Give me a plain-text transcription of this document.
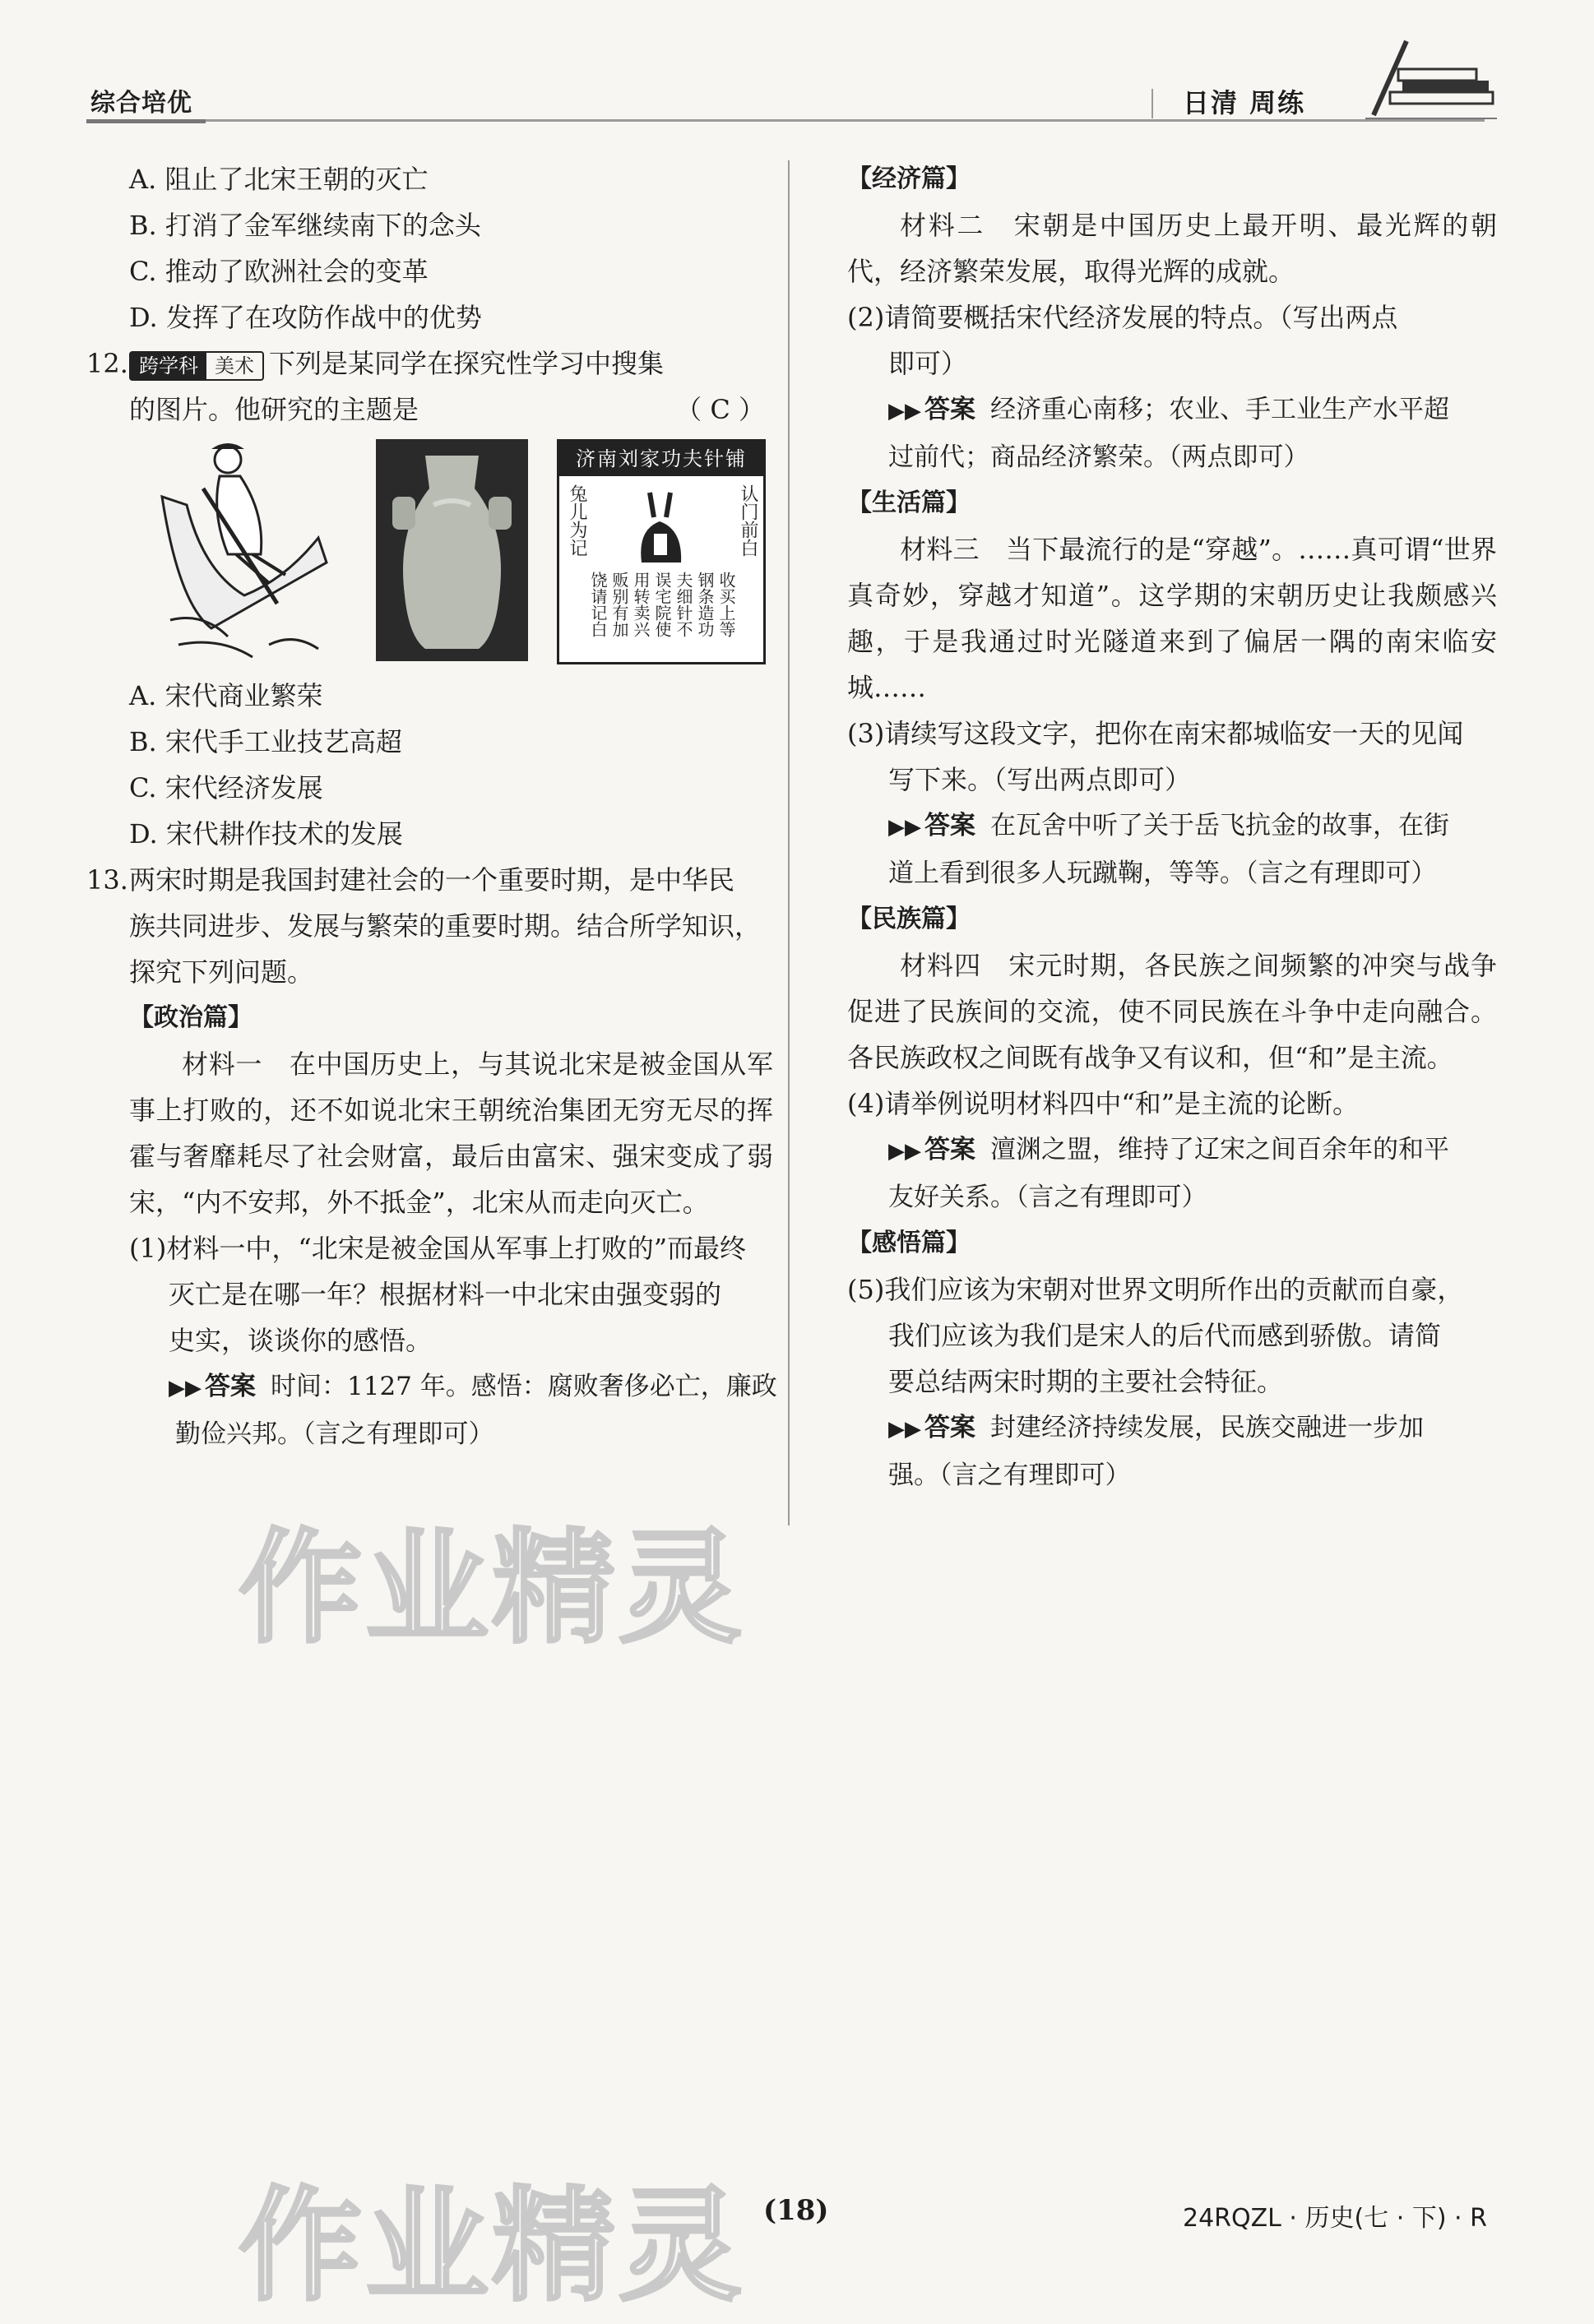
综合培优	日清 周练
A. 阻止了北宋王朝的灭亡
B. 打消了金军继续南下的念头
C. 推动了欧洲社会的变革
D. 发挥了在攻防作战中的优势
12. 跨学科 美术 下列是某同学在探究性学习中搜集
的图片。他研究的主题是	（ C ）
济南刘家功夫针铺
兔儿为记	认门前白
收买上等
钢条造功
夫细针不
误宅院使
用转卖兴
贩别有加
饶请记白
A. 宋代商业繁荣
B. 宋代手工业技艺高超
C. 宋代经济发展
D. 宋代耕作技术的发展
13.两宋时期是我国封建社会的一个重要时期，是中华民
族共同进步、发展与繁荣的重要时期。结合所学知识，
探究下列问题。
【政治篇】
材料一　在中国历史上，与其说北宋是被金国从军事上打败的，还不如说北宋王朝统治集团无穷无尽的挥霍与奢靡耗尽了社会财富，最后由富宋、强宋变成了弱宋，“内不安邦，外不抵金”，北宋从而走向灭亡。
(1)材料一中，“北宋是被金国从军事上打败的”而最终
灭亡是在哪一年？根据材料一中北宋由强变弱的
史实，谈谈你的感悟。
▶▶ 答案 时间：1127 年。感悟：腐败奢侈必亡，廉政
勤俭兴邦。（言之有理即可）
【经济篇】
材料二　宋朝是中国历史上最开明、最光辉的朝代，经济繁荣发展，取得光辉的成就。
(2)请简要概括宋代经济发展的特点。（写出两点
即可）
▶▶ 答案 经济重心南移；农业、手工业生产水平超
过前代；商品经济繁荣。（两点即可）
【生活篇】
材料三　当下最流行的是“穿越”。……真可谓“世界真奇妙，穿越才知道”。这学期的宋朝历史让我颇感兴趣，于是我通过时光隧道来到了偏居一隅的南宋临安城……
(3)请续写这段文字，把你在南宋都城临安一天的见闻
写下来。（写出两点即可）
▶▶ 答案 在瓦舍中听了关于岳飞抗金的故事，在街
道上看到很多人玩蹴鞠，等等。（言之有理即可）
【民族篇】
材料四　宋元时期，各民族之间频繁的冲突与战争促进了民族间的交流，使不同民族在斗争中走向融合。各民族政权之间既有战争又有议和，但“和”是主流。
(4)请举例说明材料四中“和”是主流的论断。
▶▶ 答案 澶渊之盟，维持了辽宋之间百余年的和平
友好关系。（言之有理即可）
【感悟篇】
(5)我们应该为宋朝对世界文明所作出的贡献而自豪，
我们应该为我们是宋人的后代而感到骄傲。请简
要总结两宋时期的主要社会特征。
▶▶ 答案 封建经济持续发展，民族交融进一步加
强。（言之有理即可）
作业精灵
作业精灵 (18)	24RQZL · 历史(七 · 下) · R
